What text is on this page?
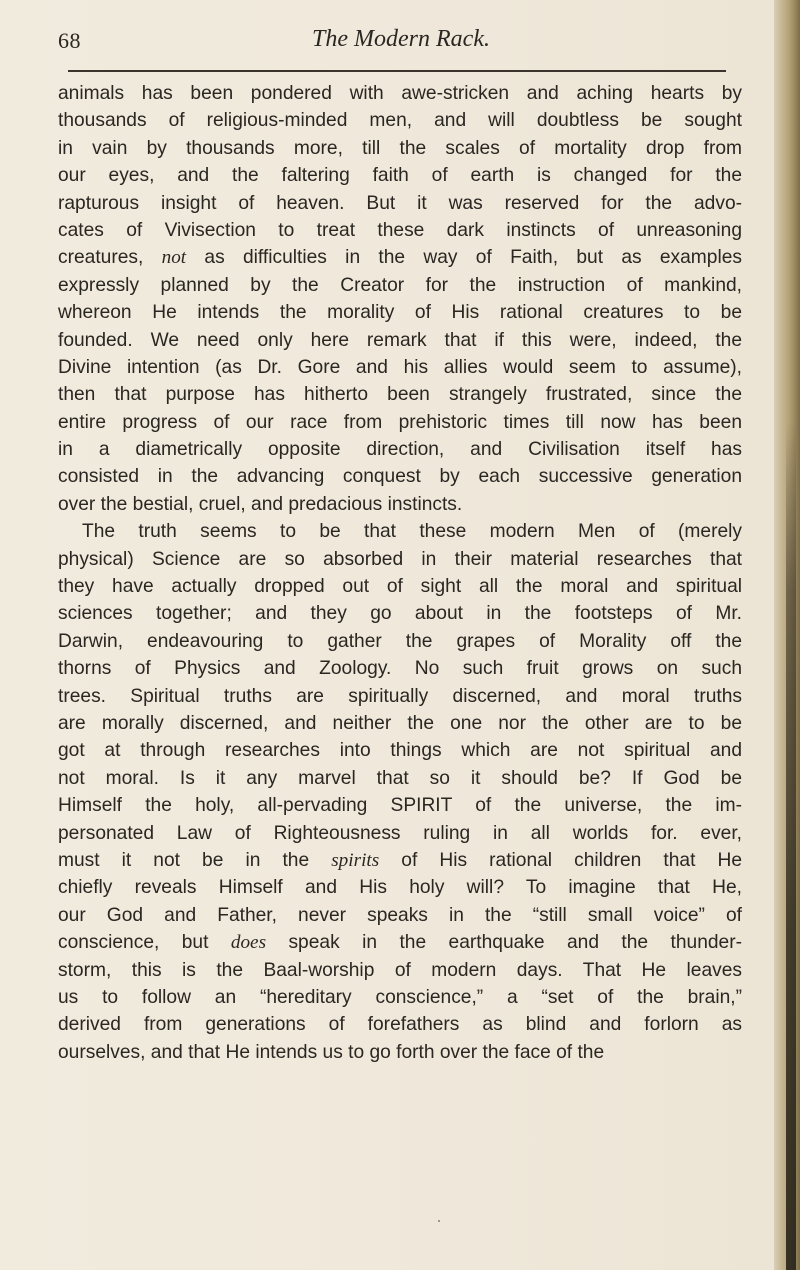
68	The Modern Rack.
animals has been pondered with awe-stricken and aching hearts by
thousands of religious-minded men, and will doubtless be sought
in vain by thousands more, till the scales of mortality drop from
our eyes, and the faltering faith of earth is changed for the
rapturous insight of heaven. But it was reserved for the advo-
cates of Vivisection to treat these dark instincts of unreasoning
creatures, not as difficulties in the way of Faith, but as examples
expressly planned by the Creator for the instruction of mankind,
whereon He intends the morality of His rational creatures to be
founded. We need only here remark that if this were, indeed, the
Divine intention (as Dr. Gore and his allies would seem to assume),
then that purpose has hitherto been strangely frustrated, since the
entire progress of our race from prehistoric times till now has been
in a diametrically opposite direction, and Civilisation itself has
consisted in the advancing conquest by each successive generation
over the bestial, cruel, and predacious instincts.
The truth seems to be that these modern Men of (merely
physical) Science are so absorbed in their material researches that
they have actually dropped out of sight all the moral and spiritual
sciences together; and they go about in the footsteps of Mr.
Darwin, endeavouring to gather the grapes of Morality off the
thorns of Physics and Zoology. No such fruit grows on such
trees. Spiritual truths are spiritually discerned, and moral truths
are morally discerned, and neither the one nor the other are to be
got at through researches into things which are not spiritual and
not moral. Is it any marvel that so it should be? If God be
Himself the holy, all-pervading SPIRIT of the universe, the im-
personated Law of Righteousness ruling in all worlds for. ever,
must it not be in the spirits of His rational children that He
chiefly reveals Himself and His holy will? To imagine that He,
our God and Father, never speaks in the “still small voice” of
conscience, but does speak in the earthquake and the thunder-
storm, this is the Baal-worship of modern days. That He leaves
us to follow an “hereditary conscience,” a “set of the brain,”
derived from generations of forefathers as blind and forlorn as
ourselves, and that He intends us to go forth over the face of the
